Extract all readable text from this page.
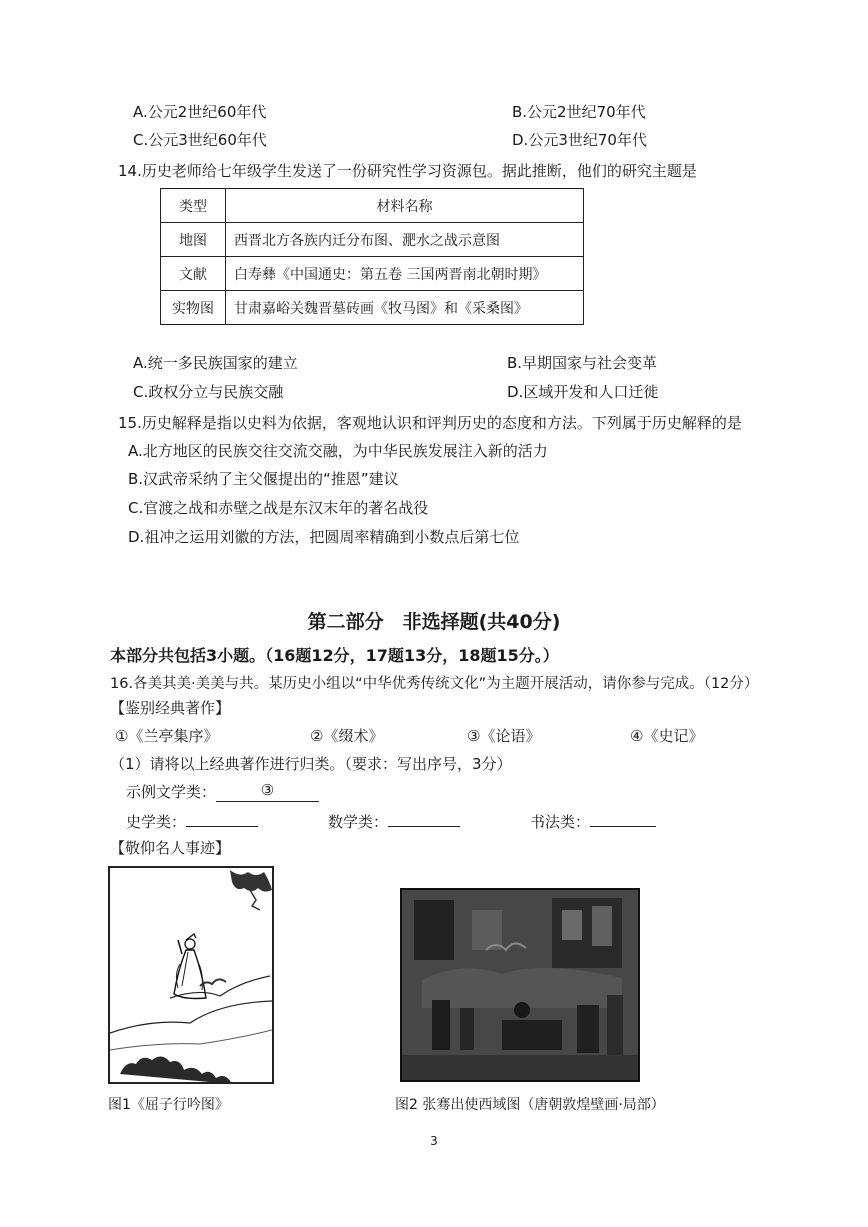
A.公元2世纪60年代	B.公元2世纪70年代
C.公元3世纪60年代	D.公元3世纪70年代
14.历史老师给七年级学生发送了一份研究性学习资源包。据此推断，他们的研究主题是
类型	材料名称
地图	西晋北方各族内迁分布图、淝水之战示意图
文献	白寿彝《中国通史：第五卷 三国两晋南北朝时期》
实物图	甘肃嘉峪关魏晋墓砖画《牧马图》和《采桑图》
A.统一多民族国家的建立	B.早期国家与社会变革
C.政权分立与民族交融	D.区域开发和人口迁徙
15.历史解释是指以史料为依据，客观地认识和评判历史的态度和方法。下列属于历史解释的是
A.北方地区的民族交往交流交融，为中华民族发展注入新的活力
B.汉武帝采纳了主父偃提出的“推恩”建议
C.官渡之战和赤壁之战是东汉末年的著名战役
D.祖冲之运用刘徽的方法，把圆周率精确到小数点后第七位
第二部分　非选择题(共40分)
本部分共包括3小题。（16题12分，17题13分，18题15分。）
16.各美其美·美美与共。某历史小组以“中华优秀传统文化”为主题开展活动，请你参与完成。（12分）
【鉴别经典著作】
①《兰亭集序》	②《缀术》	③《论语》	④《史记》
（1）请将以上经典著作进行归类。（要求：写出序号，3分）
示例文学类：	③
史学类：	数学类：	书法类：
【敬仰名人事迹】
图1《屈子行吟图》	图2 张骞出使西域图（唐朝敦煌壁画·局部）
3
